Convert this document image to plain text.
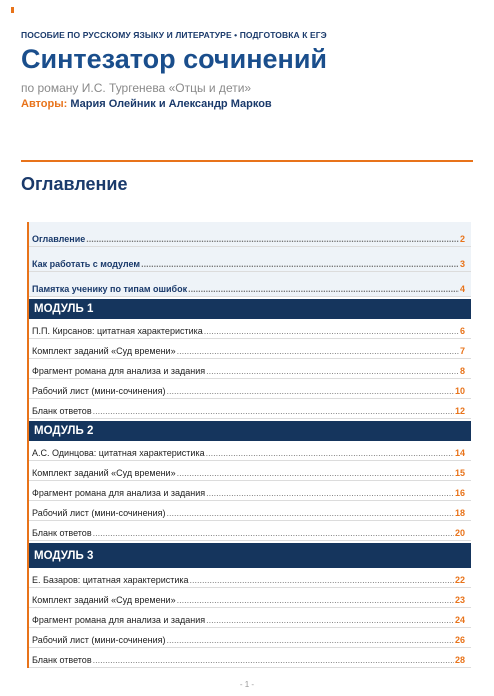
ПОСОБИЕ ПО РУССКОМУ ЯЗЫКУ И ЛИТЕРАТУРЕ • ПОДГОТОВКА К ЕГЭ
Синтезатор сочинений
по роману И.С. Тургенева «Отцы и дети»
Авторы: Мария Олейник и Александр Марков
Оглавление
Оглавление .....	2
Как работать с модулем .....	3
Памятка ученику по типам ошибок .....	4
МОДУЛЬ 1
П.П. Кирсанов: цитатная характеристика .....	6
Комплект заданий «Суд времени» .....	7
Фрагмент романа для анализа и задания .....	8
Рабочий лист (мини-сочинения) .....	10
Бланк ответов .....	12
МОДУЛЬ 2
А.С. Одинцова: цитатная характеристика .....	14
Комплект заданий «Суд времени» .....	15
Фрагмент романа для анализа и задания .....	16
Рабочий лист (мини-сочинения) .....	18
Бланк ответов .....	20
МОДУЛЬ 3
Е. Базаров: цитатная характеристика .....	22
Комплект заданий «Суд времени» .....	23
Фрагмент романа для анализа и задания .....	24
Рабочий лист (мини-сочинения) .....	26
Бланк ответов .....	28
- 1 -
